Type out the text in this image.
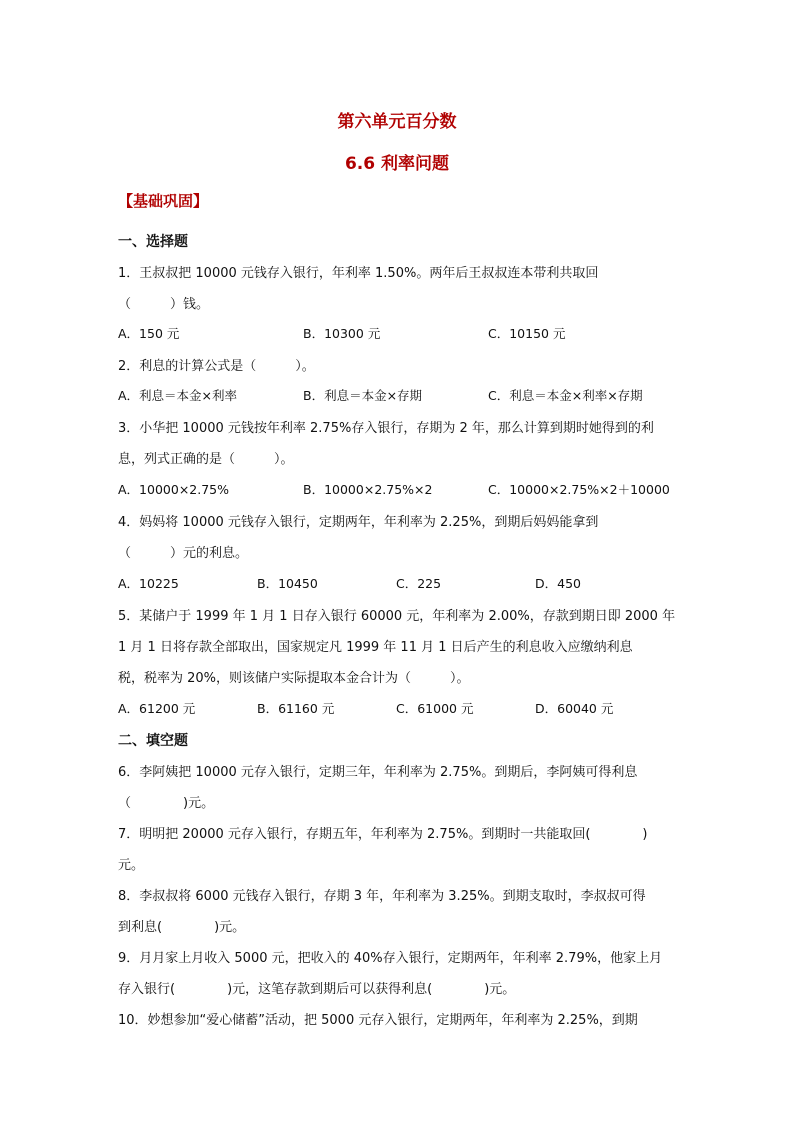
第六单元百分数
6.6 利率问题
【基础巩固】
一、选择题
1．王叔叔把 10000 元钱存入银行，年利率 1.50%。两年后王叔叔连本带利共取回
（　　　）钱。
A．150 元	B．10300 元	C．10150 元
2．利息的计算公式是（　　　）。
A．利息＝本金×利率	B．利息＝本金×存期	C．利息＝本金×利率×存期
3．小华把 10000 元钱按年利率 2.75%存入银行，存期为 2 年，那么计算到期时她得到的利
息，列式正确的是（　　　）。
A．10000×2.75%	B．10000×2.75%×2	C．10000×2.75%×2＋10000
4．妈妈将 10000 元钱存入银行，定期两年，年利率为 2.25%，到期后妈妈能拿到
（　　　）元的利息。
A．10225	B．10450	C．225	D．450
5．某储户于 1999 年 1 月 1 日存入银行 60000 元，年利率为 2.00%，存款到期日即 2000 年
1 月 1 日将存款全部取出，国家规定凡 1999 年 11 月 1 日后产生的利息收入应缴纳利息
税，税率为 20%，则该储户实际提取本金合计为（　　　）。
A．61200 元	B．61160 元	C．61000 元	D．60040 元
二、填空题
6．李阿姨把 10000 元存入银行，定期三年，年利率为 2.75%。到期后，李阿姨可得利息
（　　　　)元。
7．明明把 20000 元存入银行，存期五年，年利率为 2.75%。到期时一共能取回(　　　　)
元。
8．李叔叔将 6000 元钱存入银行，存期 3 年，年利率为 3.25%。到期支取时，李叔叔可得
到利息(　　　　)元。
9．月月家上月收入 5000 元，把收入的 40%存入银行，定期两年，年利率 2.79%，他家上月
存入银行(　　　　)元，这笔存款到期后可以获得利息(　　　　)元。
10．妙想参加“爱心储蓄”活动，把 5000 元存入银行，定期两年，年利率为 2.25%，到期
